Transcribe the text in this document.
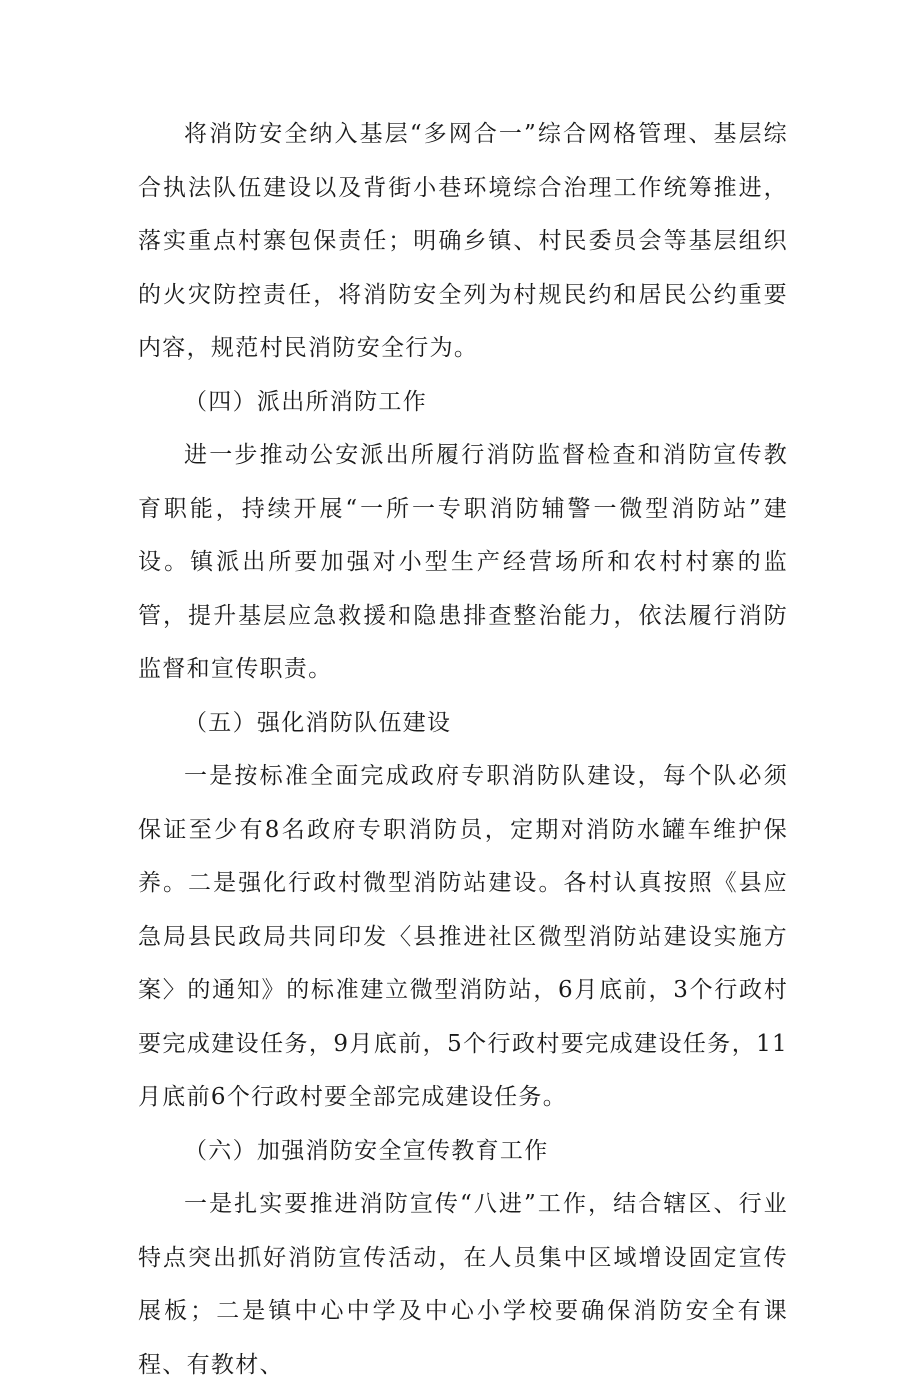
将消防安全纳入基层“多网合一”综合网格管理、基层综合执法队伍建设以及背街小巷环境综合治理工作统筹推进，落实重点村寨包保责任；明确乡镇、村民委员会等基层组织的火灾防控责任，将消防安全列为村规民约和居民公约重要内容，规范村民消防安全行为。

（四）派出所消防工作

进一步推动公安派出所履行消防监督检查和消防宣传教育职能，持续开展“一所一专职消防辅警一微型消防站”建设。镇派出所要加强对小型生产经营场所和农村村寨的监管，提升基层应急救援和隐患排查整治能力，依法履行消防监督和宣传职责。

（五）强化消防队伍建设

一是按标准全面完成政府专职消防队建设，每个队必须保证至少有8名政府专职消防员，定期对消防水罐车维护保养。二是强化行政村微型消防站建设。各村认真按照《县应急局县民政局共同印发〈县推进社区微型消防站建设实施方案〉的通知》的标准建立微型消防站，6月底前，3个行政村要完成建设任务，9月底前，5个行政村要完成建设任务，11月底前6个行政村要全部完成建设任务。

（六）加强消防安全宣传教育工作

一是扎实要推进消防宣传“八进”工作，结合辖区、行业特点突出抓好消防宣传活动，在人员集中区域增设固定宣传展板；二是镇中心中学及中心小学校要确保消防安全有课程、有教材、
